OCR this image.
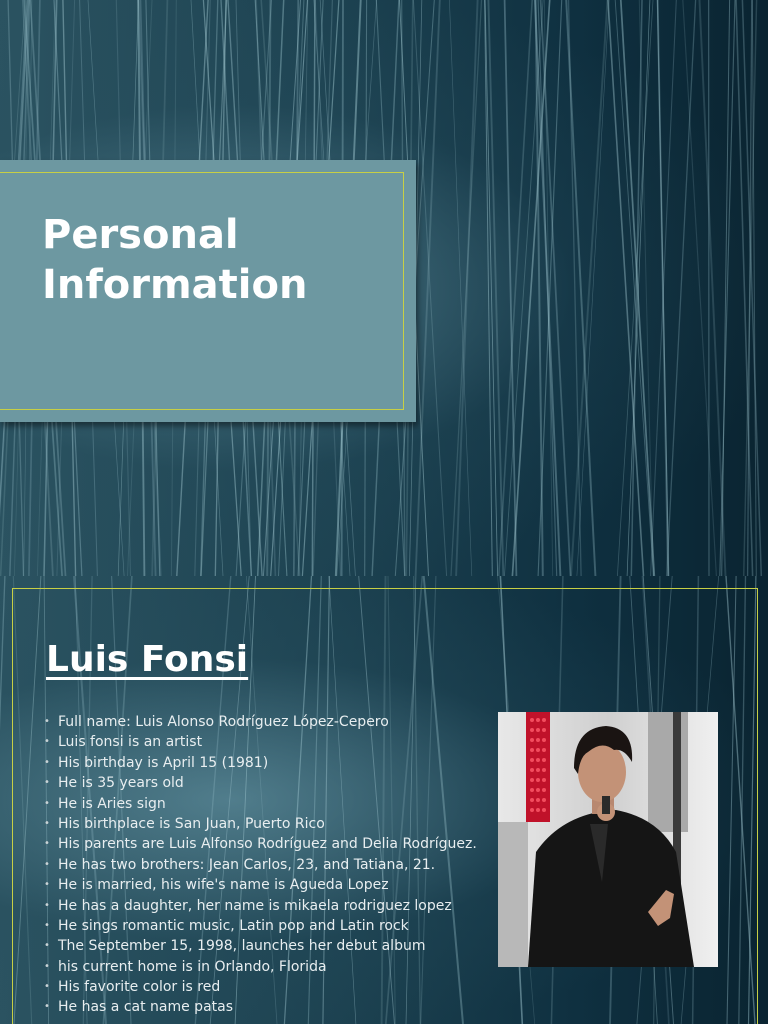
Personal
Information
Luis Fonsi
• Full name: Luis Alonso Rodríguez López-Cepero
• Luis fonsi is an artist
• His birthday is April 15 (1981)
• He is 35 years old
• He is Aries sign
• His birthplace is San Juan, Puerto Rico
• His parents are Luis Alfonso Rodríguez and Delia Rodríguez.
• He has two brothers: Jean Carlos, 23, and Tatiana, 21.
• He is married, his wife's name is Agueda Lopez
• He has a daughter, her name is mikaela rodriguez lopez
• He sings romantic music, Latin pop and Latin rock
• The September 15, 1998, launches her debut album
• his current home is in Orlando, Florida
• His favorite color is red
• He has a cat name patas
